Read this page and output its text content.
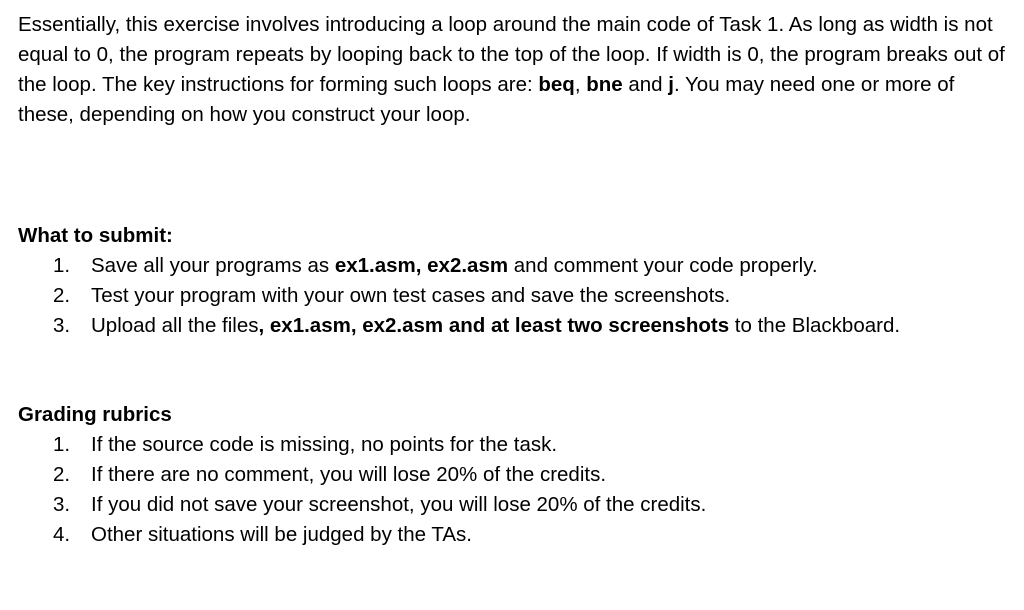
Essentially, this exercise involves introducing a loop around the main code of Task 1. As long as width is not equal to 0, the program repeats by looping back to the top of the loop. If width is 0, the program breaks out of the loop. The key instructions for forming such loops are: beq, bne and j. You may need one or more of these, depending on how you construct your loop.

What to submit:

1. Save all your programs as ex1.asm, ex2.asm and comment your code properly.
2. Test your program with your own test cases and save the screenshots.
3. Upload all the files, ex1.asm, ex2.asm and at least two screenshots to the Blackboard.

Grading rubrics

1. If the source code is missing, no points for the task.
2. If there are no comment, you will lose 20% of the credits.
3. If you did not save your screenshot, you will lose 20% of the credits.
4. Other situations will be judged by the TAs.
